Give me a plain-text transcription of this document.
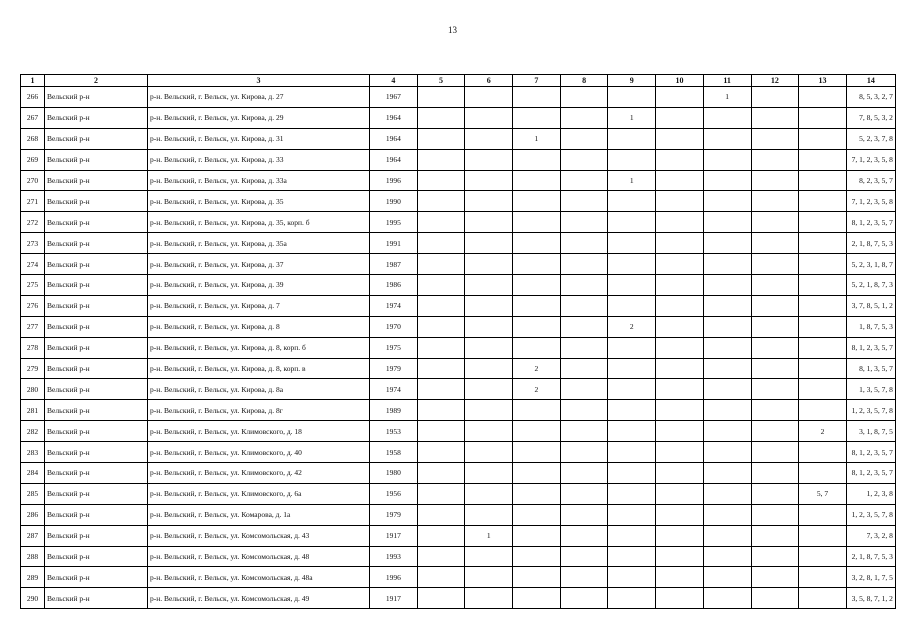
13
1	2	3	4	5	6	7	8	9	10	11	12	13	14
266	Вельский р-н	р-н. Вельский, г. Вельск, ул. Кирова, д. 27	1967							1			8, 5, 3, 2, 7
267	Вельский р-н	р-н. Вельский, г. Вельск, ул. Кирова, д. 29	1964					1					7, 8, 5, 3, 2
268	Вельский р-н	р-н. Вельский, г. Вельск, ул. Кирова, д. 31	1964			1							5, 2, 3, 7, 8
269	Вельский р-н	р-н. Вельский, г. Вельск, ул. Кирова, д. 33	1964										7, 1, 2, 3, 5, 8
270	Вельский р-н	р-н. Вельский, г. Вельск, ул. Кирова, д. 33а	1996					1					8, 2, 3, 5, 7
271	Вельский р-н	р-н. Вельский, г. Вельск, ул. Кирова, д. 35	1990										7, 1, 2, 3, 5, 8
272	Вельский р-н	р-н. Вельский, г. Вельск, ул. Кирова, д. 35, корп. б	1995										8, 1, 2, 3, 5, 7
273	Вельский р-н	р-н. Вельский, г. Вельск, ул. Кирова, д. 35а	1991										2, 1, 8, 7, 5, 3
274	Вельский р-н	р-н. Вельский, г. Вельск, ул. Кирова, д. 37	1987										5, 2, 3, 1, 8, 7
275	Вельский р-н	р-н. Вельский, г. Вельск, ул. Кирова, д. 39	1986										5, 2, 1, 8, 7, 3
276	Вельский р-н	р-н. Вельский, г. Вельск, ул. Кирова, д. 7	1974										3, 7, 8, 5, 1, 2
277	Вельский р-н	р-н. Вельский, г. Вельск, ул. Кирова, д. 8	1970					2					1, 8, 7, 5, 3
278	Вельский р-н	р-н. Вельский, г. Вельск, ул. Кирова, д. 8, корп. б	1975										8, 1, 2, 3, 5, 7
279	Вельский р-н	р-н. Вельский, г. Вельск, ул. Кирова, д. 8, корп. в	1979			2							8, 1, 3, 5, 7
280	Вельский р-н	р-н. Вельский, г. Вельск, ул. Кирова, д. 8а	1974			2							1, 3, 5, 7, 8
281	Вельский р-н	р-н. Вельский, г. Вельск, ул. Кирова, д. 8г	1989										1, 2, 3, 5, 7, 8
282	Вельский р-н	р-н. Вельский, г. Вельск, ул. Климовского, д. 18	1953									2	3, 1, 8, 7, 5
283	Вельский р-н	р-н. Вельский, г. Вельск, ул. Климовского, д. 40	1958										8, 1, 2, 3, 5, 7
284	Вельский р-н	р-н. Вельский, г. Вельск, ул. Климовского, д. 42	1980										8, 1, 2, 3, 5, 7
285	Вельский р-н	р-н. Вельский, г. Вельск, ул. Климовского, д. 6а	1956									5, 7	1, 2, 3, 8
286	Вельский р-н	р-н. Вельский, г. Вельск, ул. Комарова, д. 1а	1979										1, 2, 3, 5, 7, 8
287	Вельский р-н	р-н. Вельский, г. Вельск, ул. Комсомольская, д. 43	1917		1								7, 3, 2, 8
288	Вельский р-н	р-н. Вельский, г. Вельск, ул. Комсомольская, д. 48	1993										2, 1, 8, 7, 5, 3
289	Вельский р-н	р-н. Вельский, г. Вельск, ул. Комсомольская, д. 48а	1996										3, 2, 8, 1, 7, 5
290	Вельский р-н	р-н. Вельский, г. Вельск, ул. Комсомольская, д. 49	1917										3, 5, 8, 7, 1, 2
